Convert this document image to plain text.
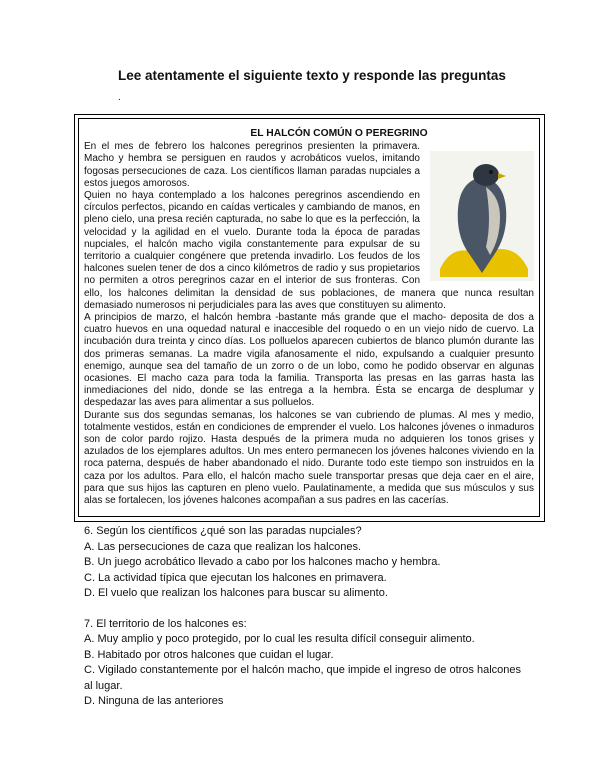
Lee atentamente el siguiente texto y responde las preguntas
.
EL HALCÓN COMÚN O PEREGRINO

En el mes de febrero los halcones peregrinos presienten la primavera. Macho y hembra se persiguen en raudos y acrobáticos vuelos, imitando fogosas persecuciones de caza. Los científicos llaman paradas nupciales a estos juegos amorosos.

Quien no haya contemplado a los halcones peregrinos ascendiendo en círculos perfectos, picando en caídas verticales y cambiando de manos, en pleno cielo, una presa recién capturada, no sabe lo que es la perfección, la velocidad y la agilidad en el vuelo. Durante toda la época de paradas nupciales, el halcón macho vigila constantemente para expulsar de su territorio a cualquier congénere que pretenda invadirlo. Los feudos de los halcones suelen tener de dos a cinco kilómetros de radio y sus propietarios no permiten a otros peregrinos cazar en el interior de sus fronteras. Con ello, los halcones delimitan la densidad de sus poblaciones, de manera que nunca resultan demasiado numerosos ni perjudiciales para las aves que constituyen su alimento.

A principios de marzo, el halcón hembra -bastante más grande que el macho- deposita de dos a cuatro huevos en una oquedad natural e inaccesible del roquedo o en un viejo nido de cuervo. La incubación dura treinta y cinco días. Los polluelos aparecen cubiertos de blanco plumón durante las dos primeras semanas. La madre vigila afanosamente el nido, expulsando a cualquier presunto enemigo, aunque sea del tamaño de un zorro o de un lobo, como he podido observar en algunas ocasiones. El macho caza para toda la familia. Transporta las presas en las garras hasta las inmediaciones del nido, donde se las entrega a la hembra. Ésta se encarga de desplumar y despedazar las aves para alimentar a sus polluelos.

Durante sus dos segundas semanas, los halcones se van cubriendo de plumas. Al mes y medio, totalmente vestidos, están en condiciones de emprender el vuelo. Los halcones jóvenes o inmaduros son de color pardo rojizo. Hasta después de la primera muda no adquieren los tonos grises y azulados de los ejemplares adultos. Un mes entero permanecen los jóvenes halcones viviendo en la roca paterna, después de haber abandonado el nido. Durante todo este tiempo son instruidos en la caza por los adultos. Para ello, el halcón macho suele transportar presas que deja caer en el aire, para que sus hijos las capturen en pleno vuelo. Paulatinamente, a medida que sus músculos y sus alas se fortalecen, los jóvenes halcones acompañan a sus padres en las cacerías.

6. Según los científicos ¿qué son las paradas nupciales?
A. Las persecuciones de caza que realizan los halcones.
B. Un juego acrobático llevado a cabo por los halcones macho y hembra.
C. La actividad típica que ejecutan los halcones en primavera.
D. El vuelo que realizan los halcones para buscar su alimento.
7. El territorio de los halcones es:
A. Muy amplio y poco protegido, por lo cual les resulta difícil conseguir alimento.
B. Habitado por otros halcones que cuidan el lugar.
C. Vigilado constantemente por el halcón macho, que impide el ingreso de otros halcones al lugar.
D. Ninguna de las anteriores
